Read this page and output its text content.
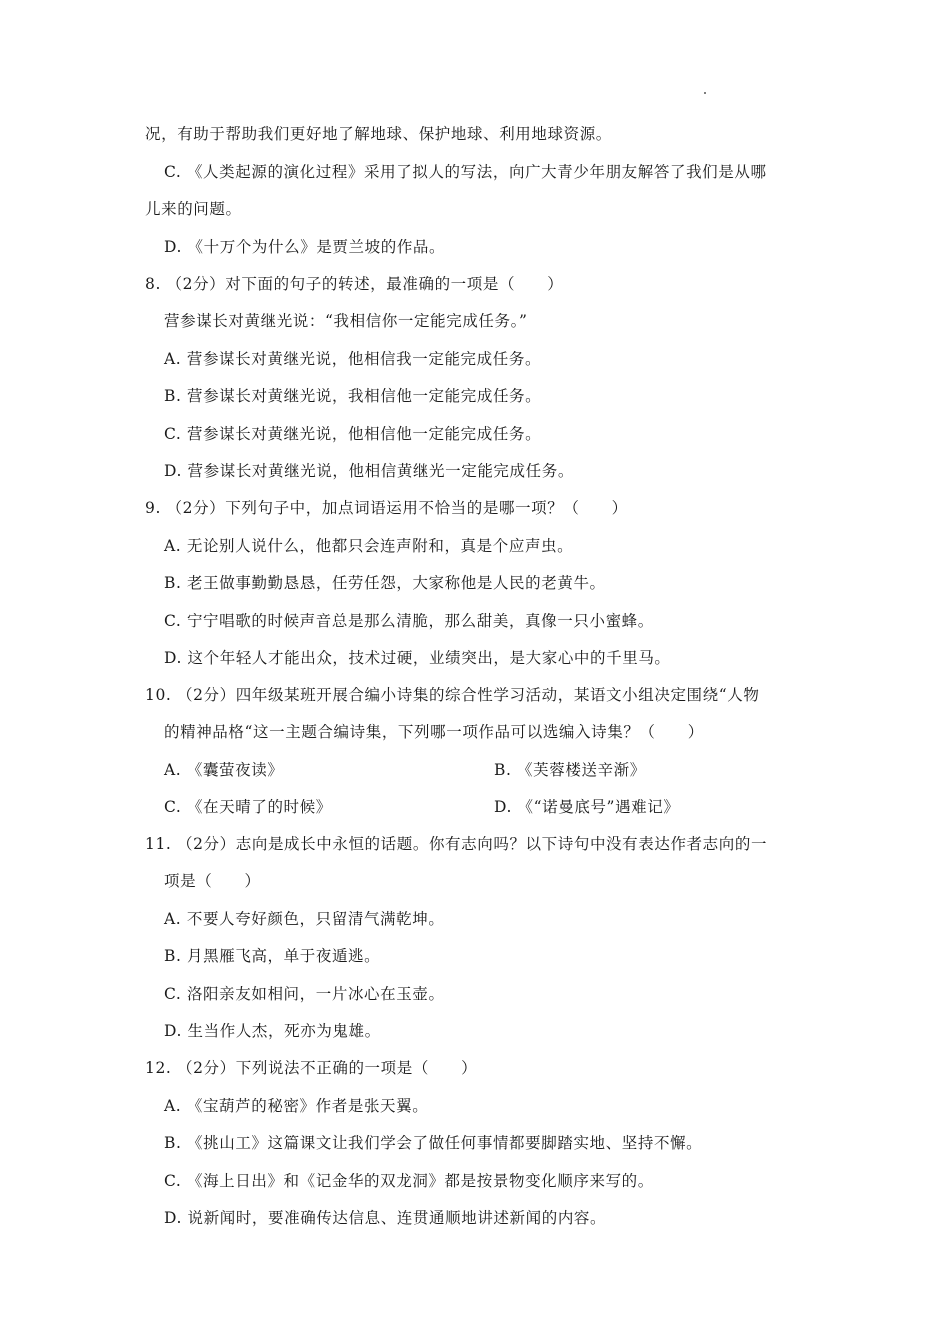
况，有助于帮助我们更好地了解地球、保护地球、利用地球资源。
C. 《人类起源的演化过程》采用了拟人的写法，向广大青少年朋友解答了我们是从哪
儿来的问题。
D. 《十万个为什么》是贾兰坡的作品。
8. （2分）对下面的句子的转述，最准确的一项是（　　）
营参谋长对黄继光说：“我相信你一定能完成任务。”
A. 营参谋长对黄继光说，他相信我一定能完成任务。
B. 营参谋长对黄继光说，我相信他一定能完成任务。
C. 营参谋长对黄继光说，他相信他一定能完成任务。
D. 营参谋长对黄继光说，他相信黄继光一定能完成任务。
9. （2分）下列句子中，加点词语运用不恰当的是哪一项？（　　）
A. 无论别人说什么，他都只会连声附和，真是个应声虫。
B. 老王做事勤勤恳恳，任劳任怨，大家称他是人民的老黄牛。
C. 宁宁唱歌的时候声音总是那么清脆，那么甜美，真像一只小蜜蜂。
D. 这个年轻人才能出众，技术过硬，业绩突出，是大家心中的千里马。
10. （2分）四年级某班开展合编小诗集的综合性学习活动，某语文小组决定围绕“人物
的精神品格“这一主题合编诗集，下列哪一项作品可以选编入诗集？（　　）
A. 《囊萤夜读》	B. 《芙蓉楼送辛渐》
C. 《在天晴了的时候》	D. 《“诺曼底号”遇难记》
11. （2分）志向是成长中永恒的话题。你有志向吗？以下诗句中没有表达作者志向的一
项是（　　）
A. 不要人夸好颜色，只留清气满乾坤。
B. 月黑雁飞高，单于夜遁逃。
C. 洛阳亲友如相问，一片冰心在玉壶。
D. 生当作人杰，死亦为鬼雄。
12. （2分）下列说法不正确的一项是（　　）
A. 《宝葫芦的秘密》作者是张天翼。
B. 《挑山工》这篇课文让我们学会了做任何事情都要脚踏实地、坚持不懈。
C. 《海上日出》和《记金华的双龙洞》都是按景物变化顺序来写的。
D. 说新闻时，要准确传达信息、连贯通顺地讲述新闻的内容。
